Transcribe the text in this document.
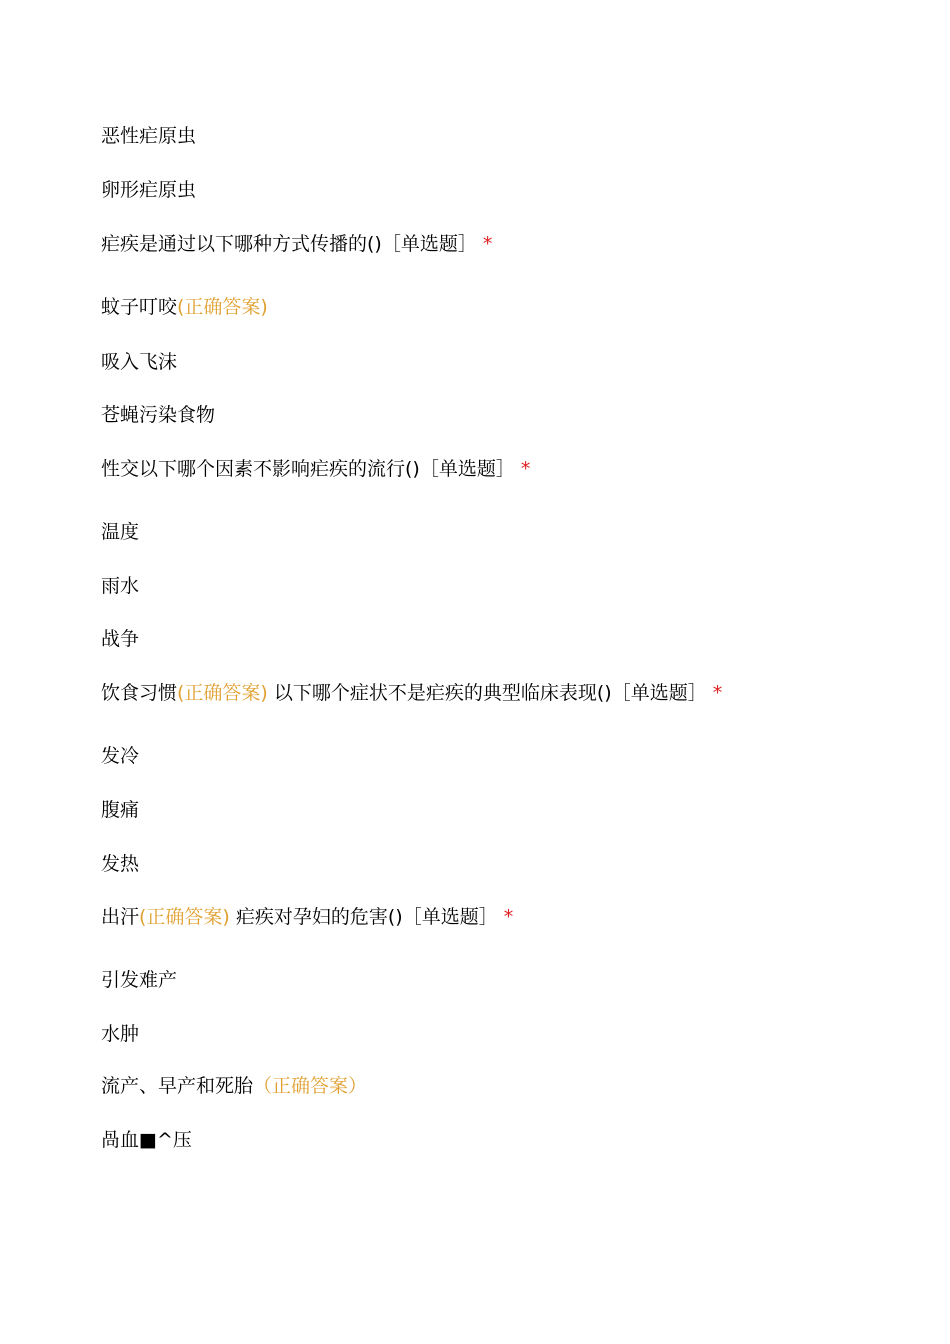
恶性疟原虫
卵形疟原虫
疟疾是通过以下哪种方式传播的()［单选题］ *
蚊子叮咬(正确答案)
吸入飞沫
苍蝇污染食物
性交以下哪个因素不影响疟疾的流行()［单选题］ *
温度
雨水
战争
饮食习惯(正确答案) 以下哪个症状不是疟疾的典型临床表现()［单选题］ *
发冷
腹痛
发热
出汗(正确答案) 疟疾对孕妇的危害()［单选题］ *
引发难产
水肿
流产、早产和死胎（正确答案）
咼血■^压
